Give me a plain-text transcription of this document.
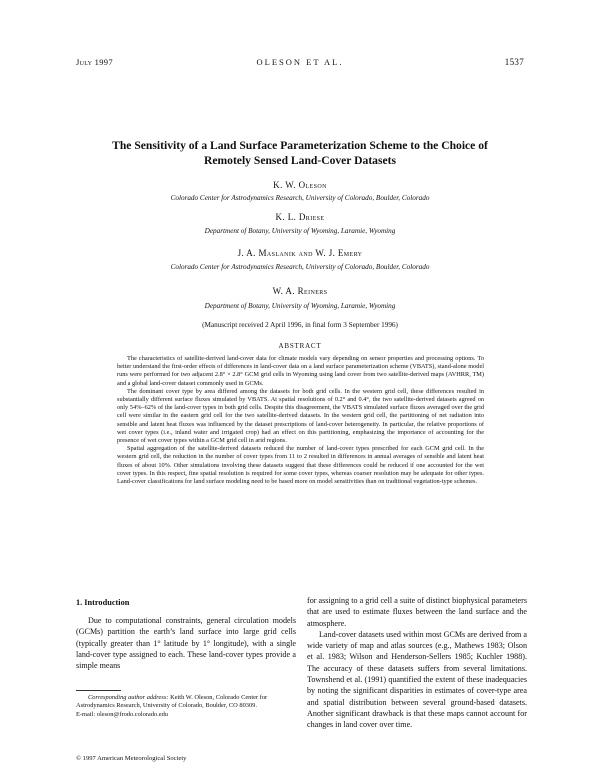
July 1997	OLESON ET AL.	1537
The Sensitivity of a Land Surface Parameterization Scheme to the Choice of
Remotely Sensed Land-Cover Datasets
K. W. Oleson
Colorado Center for Astrodynamics Research, University of Colorado, Boulder, Colorado
K. L. Driese
Department of Botany, University of Wyoming, Laramie, Wyoming
J. A. Maslanik and W. J. Emery
Colorado Center for Astrodynamics Research, University of Colorado, Boulder, Colorado
W. A. Reiners
Department of Botany, University of Wyoming, Laramie, Wyoming
(Manuscript received 2 April 1996, in final form 3 September 1996)
ABSTRACT

The characteristics of satellite-derived land-cover data for climate models vary depending on sensor properties and processing options. To better understand the first-order effects of differences in land-cover data on a land surface parameterization scheme (VBATS), stand-alone model runs were performed for two adjacent 2.8° × 2.8° GCM grid cells in Wyoming using land cover from two satellite-derived maps (AVHRR, TM) and a global land-cover dataset commonly used in GCMs.

The dominant cover type by area differed among the datasets for both grid cells. In the western grid cell, these differences resulted in substantially different surface fluxes simulated by VBATS. At spatial resolutions of 0.2° and 0.4°, the two satellite-derived datasets agreed on only 54%–62% of the land-cover types in both grid cells. Despite this disagreement, the VBATS simulated surface fluxes averaged over the grid cell were similar in the eastern grid cell for the two satellite-derived datasets. In the western grid cell, the partitioning of net radiation into sensible and latent heat fluxes was influenced by the dataset prescriptions of land-cover heterogeneity. In particular, the relative proportions of wet cover types (i.e., inland water and irrigated crop) had an effect on this partitioning, emphasizing the importance of accounting for the presence of wet cover types within a GCM grid cell in arid regions.

Spatial aggregation of the satellite-derived datasets reduced the number of land-cover types prescribed for each GCM grid cell. In the western grid cell, the reduction in the number of cover types from 11 to 2 resulted in differences in annual averages of sensible and latent heat fluxes of about 10%. Other simulations involving these datasets suggest that these differences could be reduced if one accounted for the wet cover types. In this respect, fine spatial resolution is required for some cover types, whereas coarser resolution may be adequate for other types. Land-cover classifications for land surface modeling need to be based more on model sensitivities than on traditional vegetation-type schemes.

1. Introduction

Due to computational constraints, general circulation models (GCMs) partition the earth’s land surface into large grid cells (typically greater than 1° latitude by 1° longitude), with a single land-cover type assigned to each. These land-cover types provide a simple means

for assigning to a grid cell a suite of distinct biophysical parameters that are used to estimate fluxes between the land surface and the atmosphere.

Land-cover datasets used within most GCMs are derived from a wide variety of map and atlas sources (e.g., Mathews 1983; Olson et al. 1983; Wilson and Henderson-Sellers 1985; Kuchler 1988). The accuracy of these datasets suffers from several limitations. Townshend et al. (1991) quantified the extent of these inadequacies by noting the significant disparities in estimates of cover-type area and spatial distribution between several ground-based datasets. Another significant drawback is that these maps cannot account for changes in land cover over time.

Corresponding author address: Keith W. Oleson, Colorado Center for Astrodynamics Research, University of Colorado, Boulder, CO 80309.
E-mail: oleson@frodo.colorado.edu
© 1997 American Meteorological Society
